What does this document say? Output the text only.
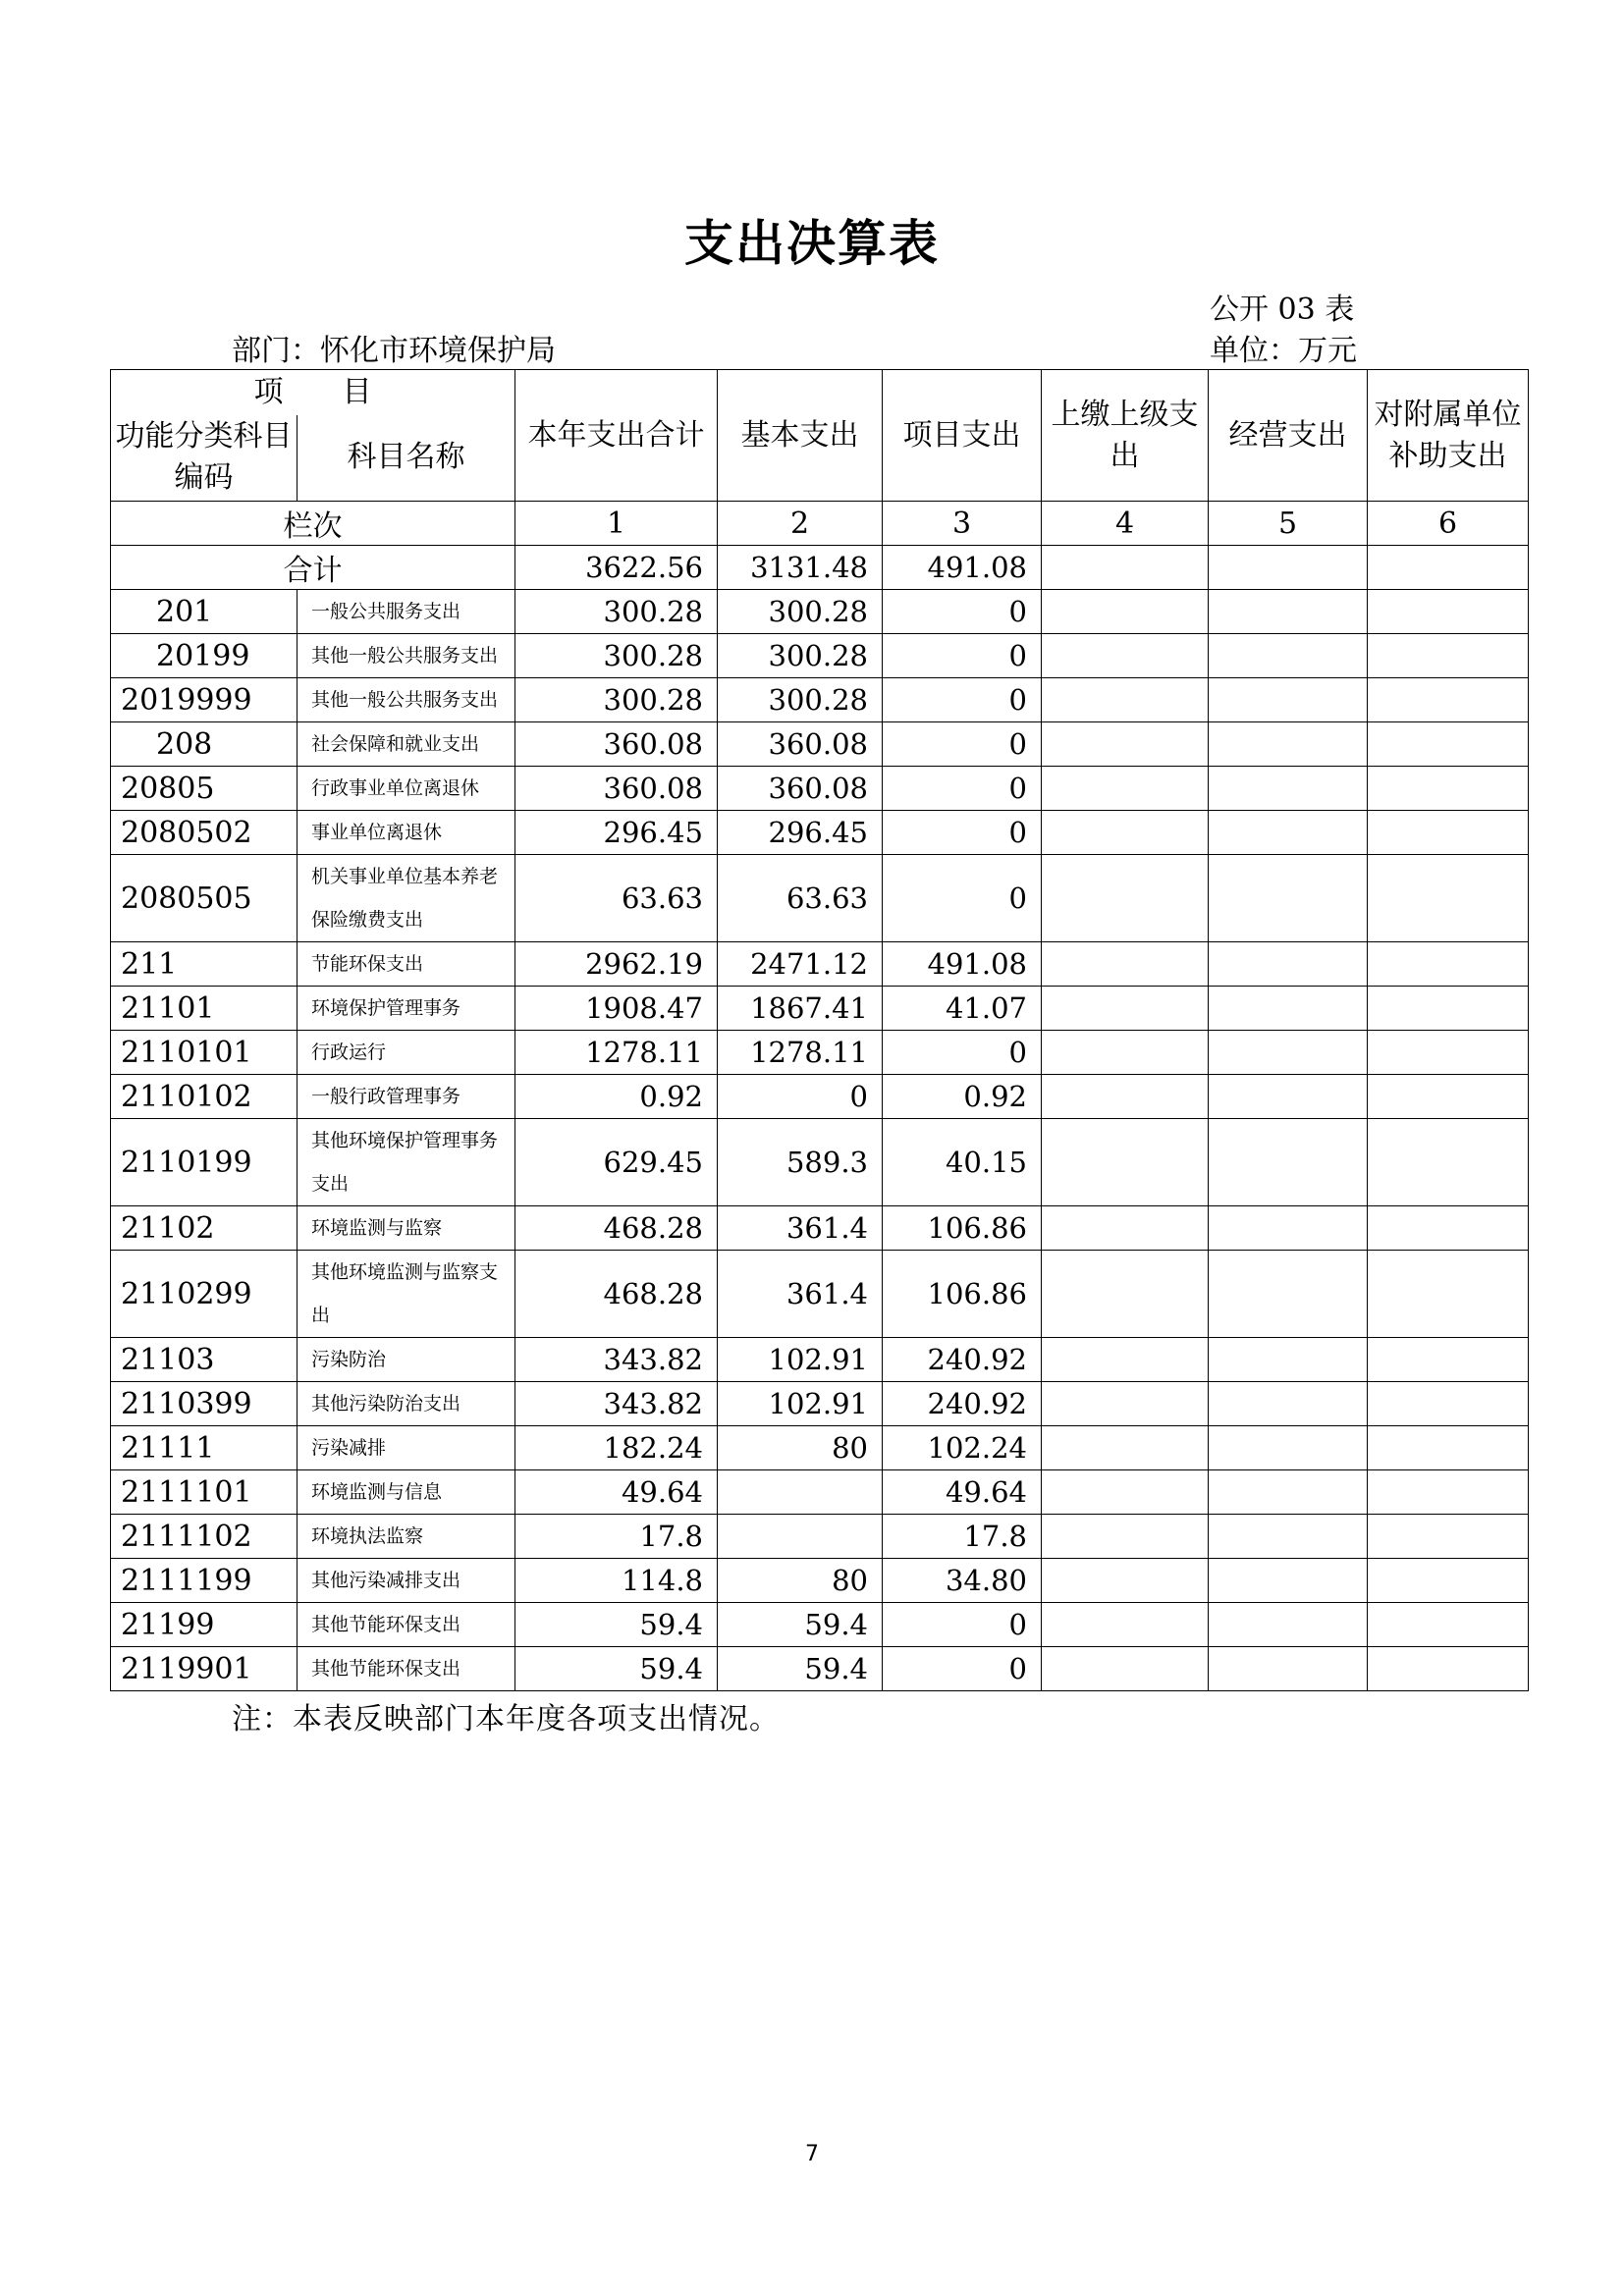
支出决算表
公开 03 表
部门：怀化市环境保护局	单位：万元
项　　目		本年支出合计	基本支出	项目支出	上缴上级支出	经营支出	对附属单位补助支出
功能分类科目编码	科目名称						
栏次		1	2	3	4	5	6
合计		3622.56	3131.48	491.08			
201	一般公共服务支出	300.28	300.28	0			
20199	其他一般公共服务支出	300.28	300.28	0			
2019999	其他一般公共服务支出	300.28	300.28	0			
208	社会保障和就业支出	360.08	360.08	0			
20805	行政事业单位离退休	360.08	360.08	0			
2080502	事业单位离退休	296.45	296.45	0			
2080505	机关事业单位基本养老保险缴费支出	63.63	63.63	0			
211	节能环保支出	2962.19	2471.12	491.08			
21101	环境保护管理事务	1908.47	1867.41	41.07			
2110101	行政运行	1278.11	1278.11	0			
2110102	一般行政管理事务	0.92	0	0.92			
2110199	其他环境保护管理事务支出	629.45	589.3	40.15			
21102	环境监测与监察	468.28	361.4	106.86			
2110299	其他环境监测与监察支出	468.28	361.4	106.86			
21103	污染防治	343.82	102.91	240.92			
2110399	其他污染防治支出	343.82	102.91	240.92			
21111	污染减排	182.24	80	102.24			
2111101	环境监测与信息	49.64		49.64			
2111102	环境执法监察	17.8		17.8			
2111199	其他污染减排支出	114.8	80	34.80			
21199	其他节能环保支出	59.4	59.4	0			
2119901	其他节能环保支出	59.4	59.4	0			
注：本表反映部门本年度各项支出情况。
7
